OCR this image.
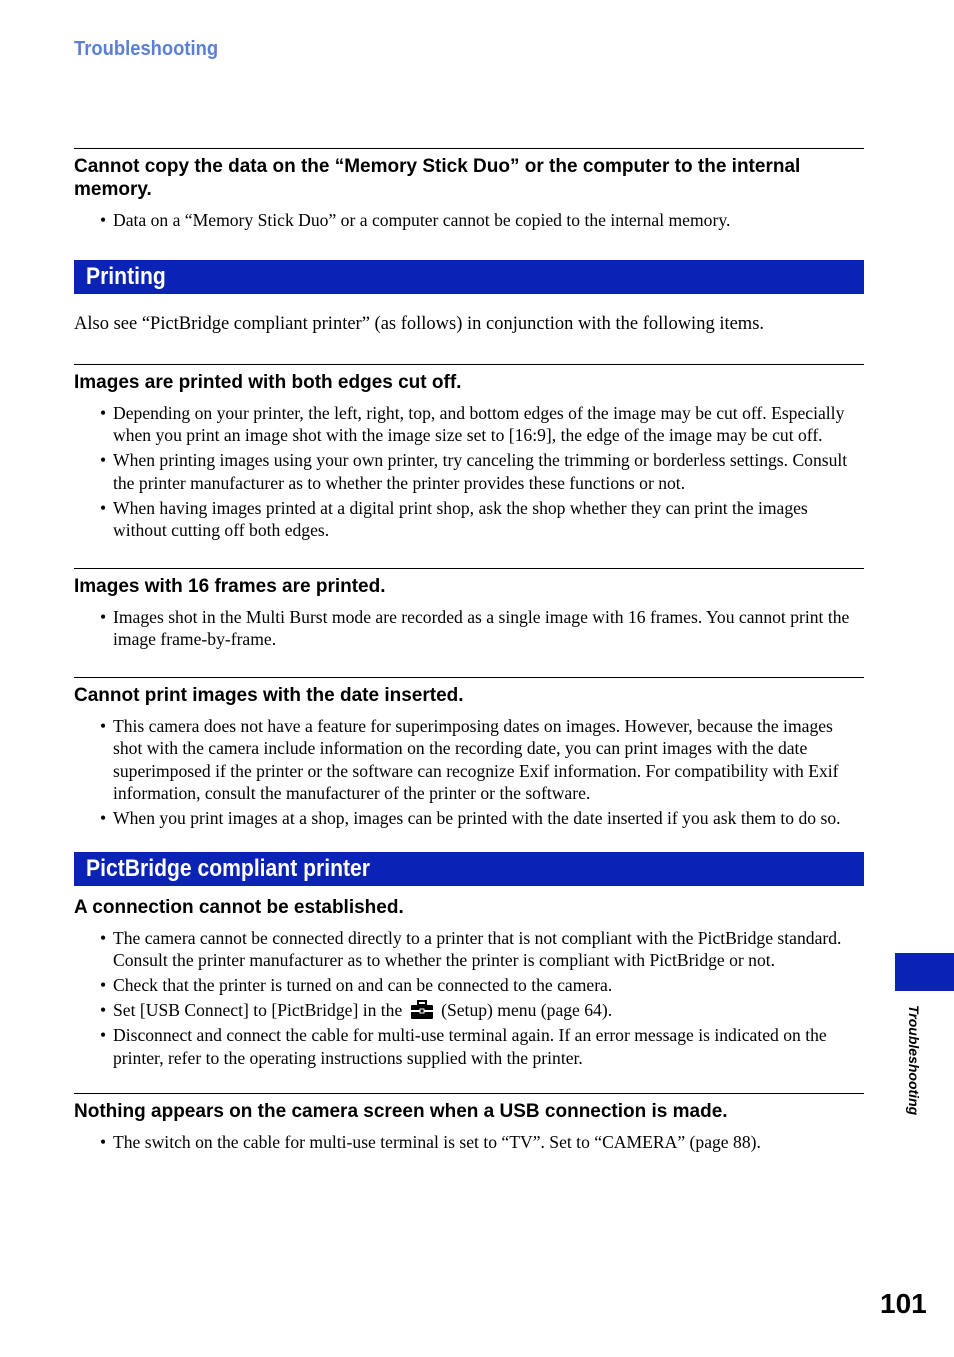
Troubleshooting

Cannot copy the data on the “Memory Stick Duo” or the computer to the internal memory.

• Data on a “Memory Stick Duo” or a computer cannot be copied to the internal memory.
Printing

Also see “PictBridge compliant printer” (as follows) in conjunction with the following items.

Images are printed with both edges cut off.

• Depending on your printer, the left, right, top, and bottom edges of the image may be cut off. Especially when you print an image shot with the image size set to [16:9], the edge of the image may be cut off.
• When printing images using your own printer, try canceling the trimming or borderless settings. Consult the printer manufacturer as to whether the printer provides these functions or not.
• When having images printed at a digital print shop, ask the shop whether they can print the images without cutting off both edges.

Images with 16 frames are printed.

• Images shot in the Multi Burst mode are recorded as a single image with 16 frames. You cannot print the image frame-by-frame.

Cannot print images with the date inserted.

• This camera does not have a feature for superimposing dates on images. However, because the images shot with the camera include information on the recording date, you can print images with the date superimposed if the printer or the software can recognize Exif information. For compatibility with Exif information, consult the manufacturer of the printer or the software.
• When you print images at a shop, images can be printed with the date inserted if you ask them to do so.
PictBridge compliant printer

A connection cannot be established.

• The camera cannot be connected directly to a printer that is not compliant with the PictBridge standard. Consult the printer manufacturer as to whether the printer is compliant with PictBridge or not.
• Check that the printer is turned on and can be connected to the camera.
• Set [USB Connect] to [PictBridge] in the (Setup) menu (page 64).
• Disconnect and connect the cable for multi-use terminal again. If an error message is indicated on the printer, refer to the operating instructions supplied with the printer.

Nothing appears on the camera screen when a USB connection is made.

• The switch on the cable for multi-use terminal is set to “TV”. Set to “CAMERA” (page 88).
Troubleshooting
101
